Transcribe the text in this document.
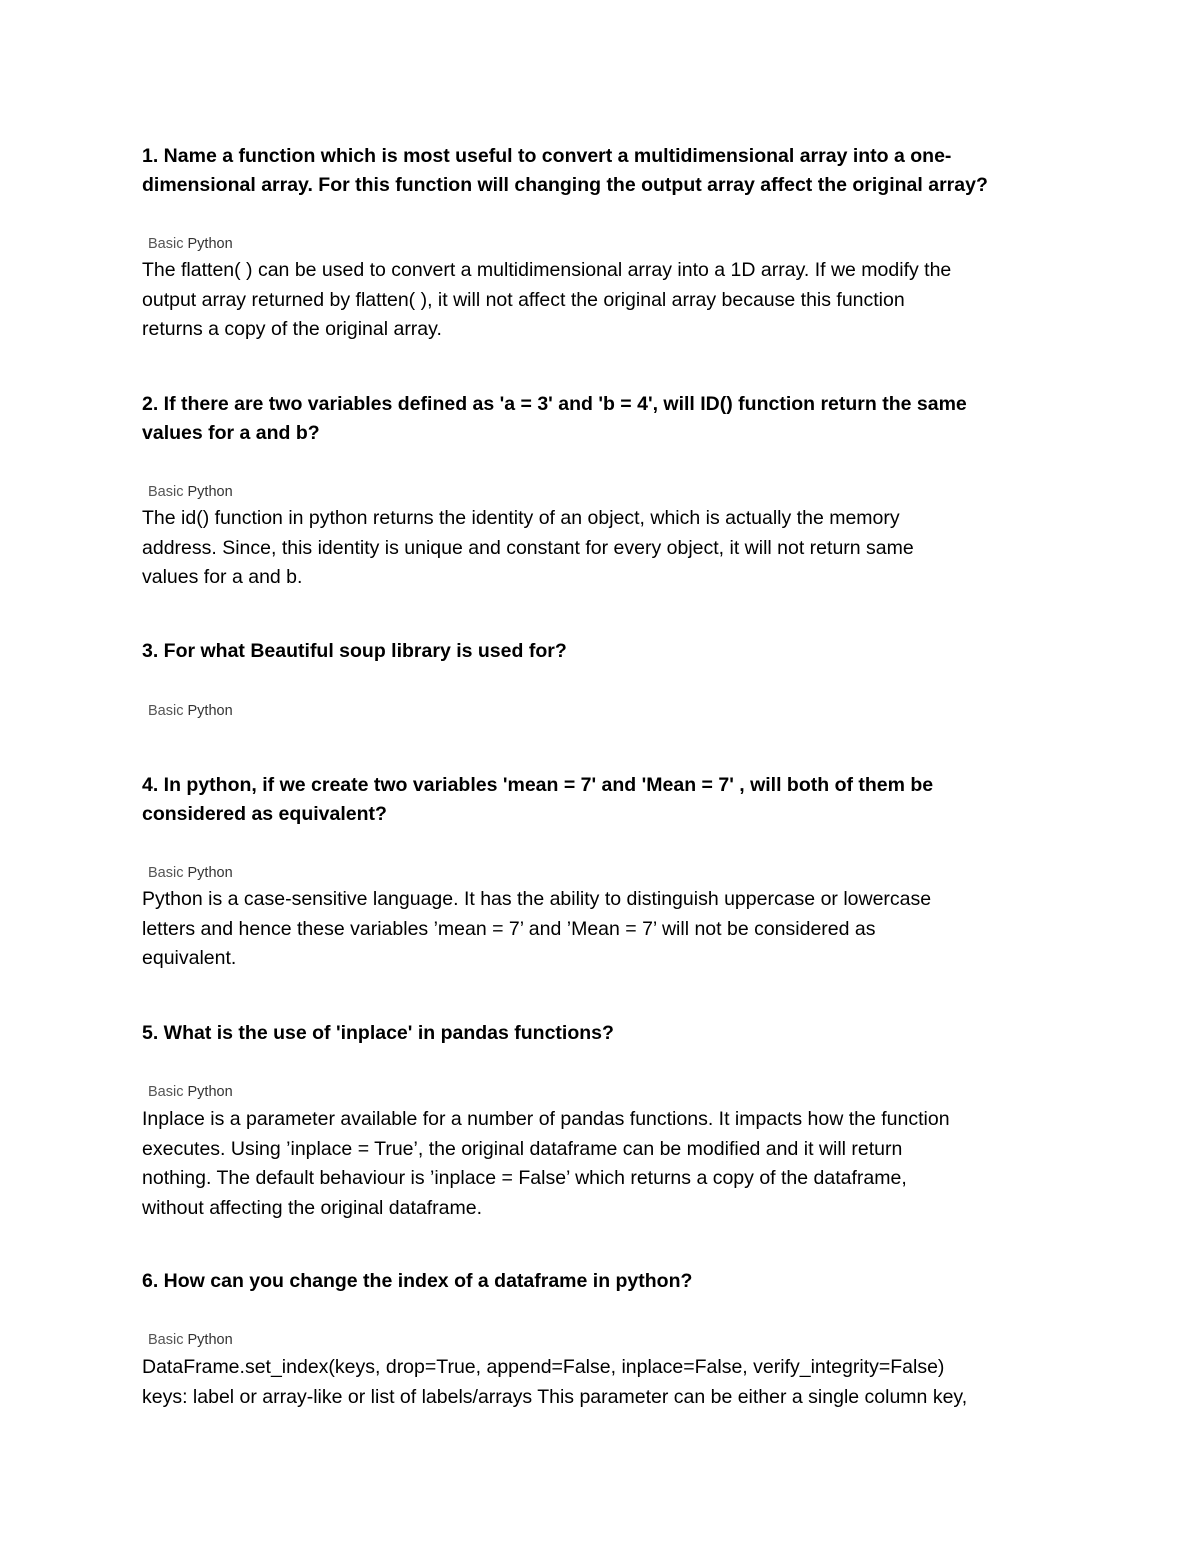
1. Name a function which is most useful to convert a multidimensional array into a one-
dimensional array. For this function will changing the output array affect the original array?

Basic Python

The flatten( ) can be used to convert a multidimensional array into a 1D array. If we modify the
output array returned by flatten( ), it will not affect the original array because this function
returns a copy of the original array.

2. If there are two variables defined as 'a = 3' and 'b = 4', will ID() function return the same
values for a and b?

Basic Python

The id() function in python returns the identity of an object, which is actually the memory
address. Since, this identity is unique and constant for every object, it will not return same
values for a and b.

3. For what Beautiful soup library is used for?

Basic Python

4. In python, if we create two variables 'mean = 7' and 'Mean = 7' , will both of them be
considered as equivalent?

Basic Python

Python is a case-sensitive language. It has the ability to distinguish uppercase or lowercase
letters and hence these variables ’mean = 7’ and ’Mean = 7’ will not be considered as
equivalent.

5. What is the use of 'inplace' in pandas functions?

Basic Python

Inplace is a parameter available for a number of pandas functions. It impacts how the function
executes. Using ’inplace = True’, the original dataframe can be modified and it will return
nothing. The default behaviour is ’inplace = False’ which returns a copy of the dataframe,
without affecting the original dataframe.

6. How can you change the index of a dataframe in python?

Basic Python

DataFrame.set_index(keys, drop=True, append=False, inplace=False, verify_integrity=False)
keys: label or array-like or list of labels/arrays This parameter can be either a single column key,
